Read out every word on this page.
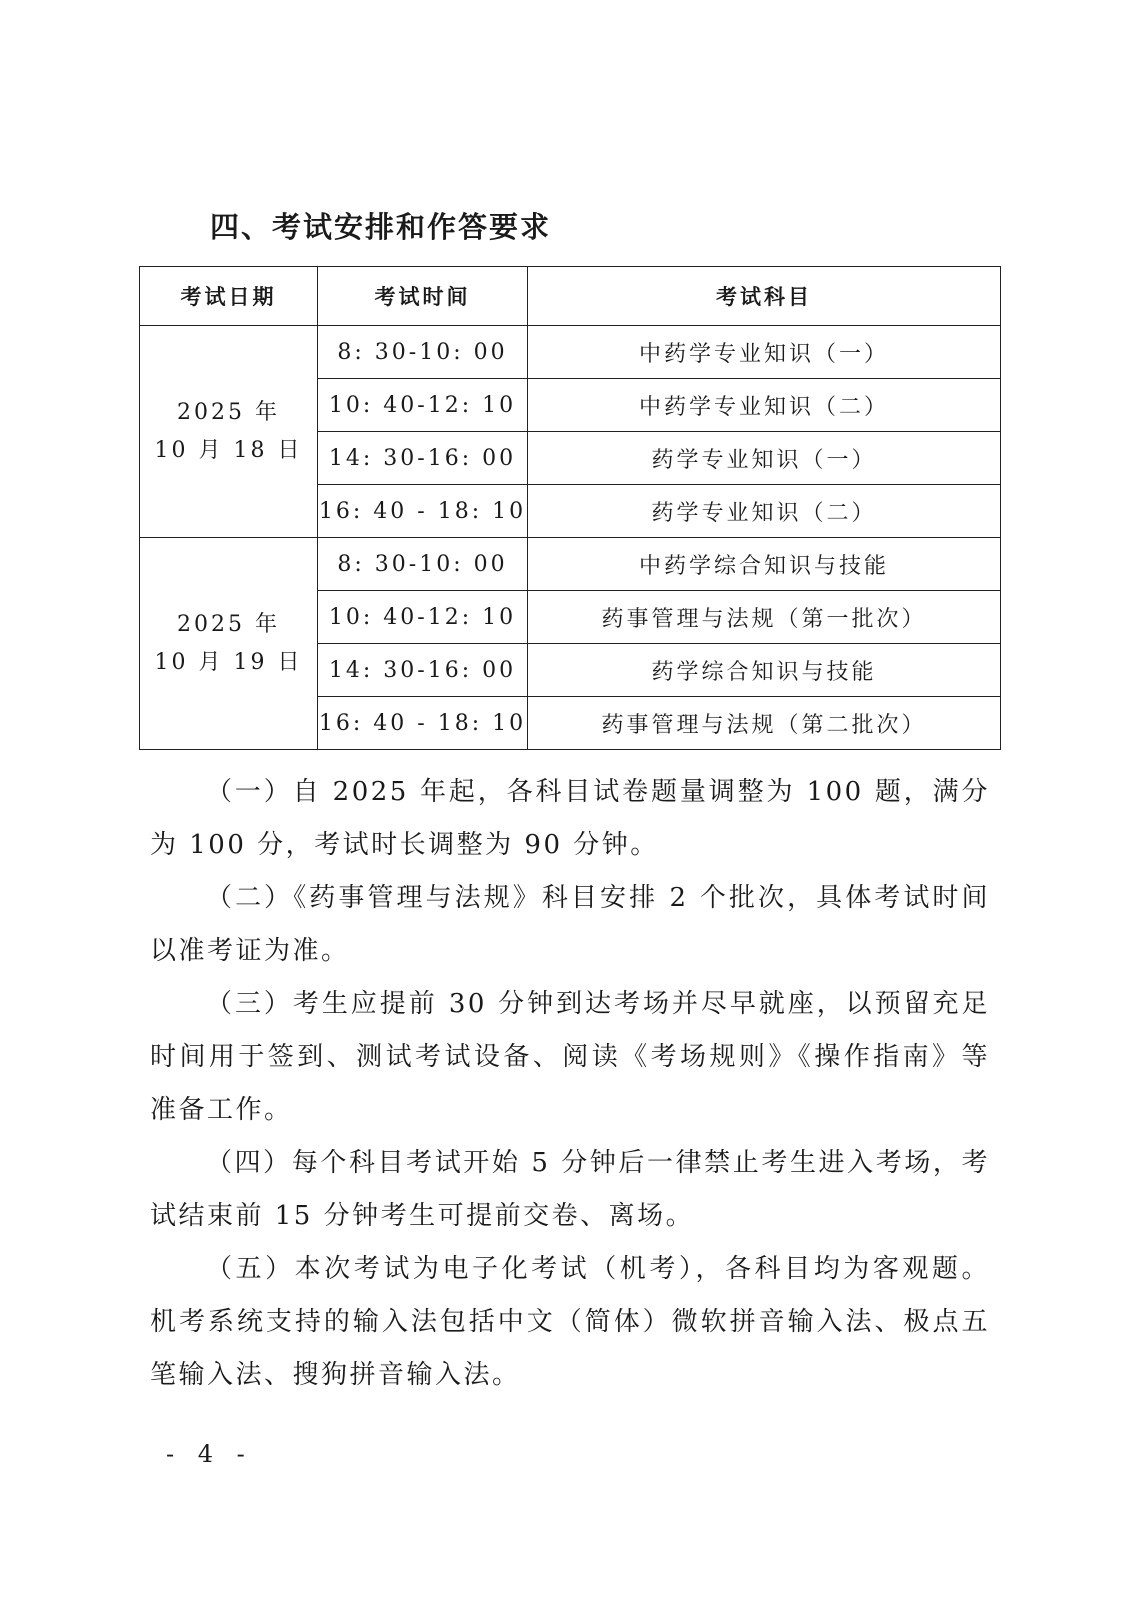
四、考试安排和作答要求
考试日期	考试时间	考试科目

2025 年
10 月 18 日	8: 30-10: 00	中药学专业知识（一）
	10: 40-12: 10	中药学专业知识（二）
	14: 30-16: 00	药学专业知识（一）
	16: 40 - 18: 10	药学专业知识（二）

2025 年
10 月 19 日	8: 30-10: 00	中药学综合知识与技能
	10: 40-12: 10	药事管理与法规（第一批次）
	14: 30-16: 00	药学综合知识与技能
	16: 40 - 18: 10	药事管理与法规（第二批次）

（一）自 2025 年起，各科目试卷题量调整为 100 题，满分为 100 分，考试时长调整为 90 分钟。

（二）《药事管理与法规》科目安排 2 个批次，具体考试时间以准考证为准。

（三）考生应提前 30 分钟到达考场并尽早就座，以预留充足时间用于签到、测试考试设备、阅读《考场规则》《操作指南》等准备工作。

（四）每个科目考试开始 5 分钟后一律禁止考生进入考场，考试结束前 15 分钟考生可提前交卷、离场。

（五）本次考试为电子化考试（机考），各科目均为客观题。机考系统支持的输入法包括中文（简体）微软拼音输入法、极点五笔输入法、搜狗拼音输入法。

- 4 -
